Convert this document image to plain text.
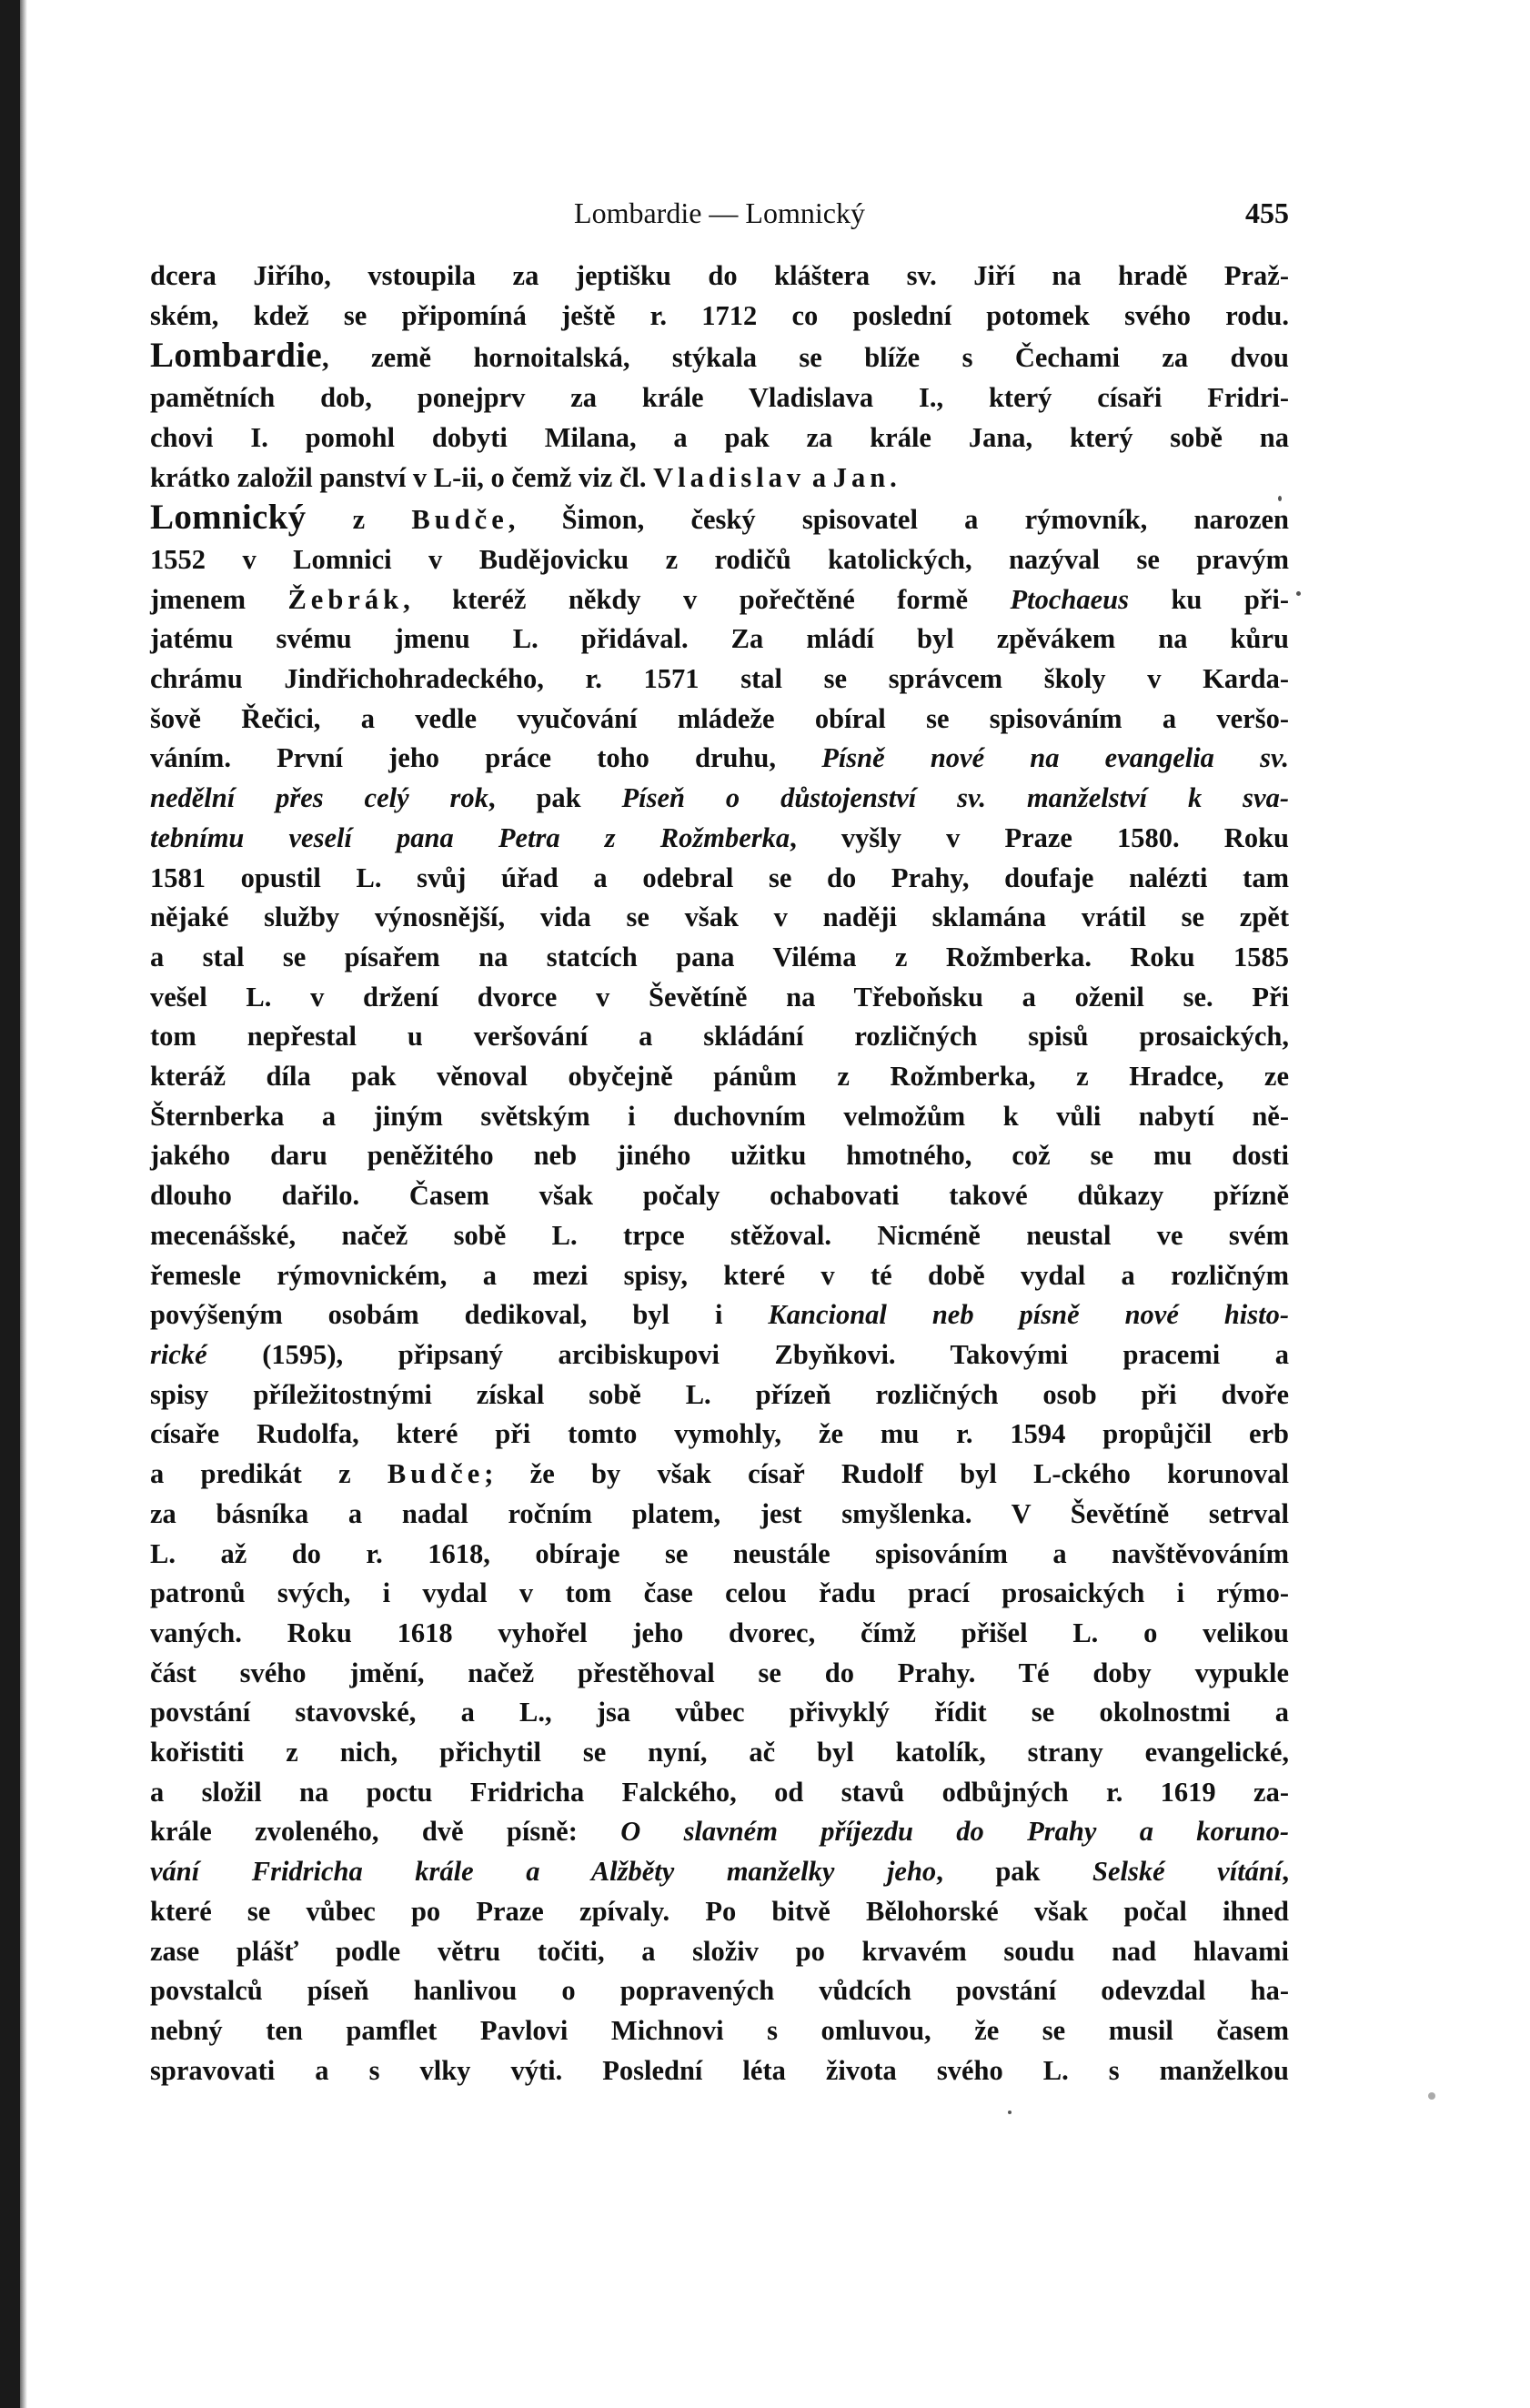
Lombardie — Lomnický	455
dcera Jiřího, vstoupila za jeptišku do kláštera sv. Jiří na hradě Praž-
ském, kdež se připomíná ještě r. 1712 co poslední potomek svého rodu.
Lombardie, země hornoitalská, stýkala se blíže s Čechami za dvou
pamětních dob, ponejprv za krále Vladislava I., který císaři Fridri-
chovi I. pomohl dobyti Milana, a pak za krále Jana, který sobě na
krátko založil panství v L-ii, o čemž viz čl. Vladislav a Jan.
Lomnický z Budče, Šimon, český spisovatel a rýmovník, narozen
1552 v Lomnici v Budějovicku z rodičů katolických, nazýval se pravým
jmenem Žebrák, kteréž někdy v pořečtěné formě Ptochaeus ku při-
jatému svému jmenu L. přidával. Za mládí byl zpěvákem na kůru
chrámu Jindřichohradeckého, r. 1571 stal se správcem školy v Karda-
šově Řečici, a vedle vyučování mládeže obíral se spisováním a veršo-
váním. První jeho práce toho druhu, Písně nové na evangelia sv.
nedělní přes celý rok, pak Píseň o důstojenství sv. manželství k sva-
tebnímu veselí pana Petra z Rožmberka, vyšly v Praze 1580. Roku
1581 opustil L. svůj úřad a odebral se do Prahy, doufaje nalézti tam
nějaké služby výnosnější, vida se však v naději sklamána vrátil se zpět
a stal se písařem na statcích pana Viléma z Rožmberka. Roku 1585
vešel L. v držení dvorce v Ševětíně na Třeboňsku a oženil se. Při
tom nepřestal u veršování a skládání rozličných spisů prosaických,
kteráž díla pak věnoval obyčejně pánům z Rožmberka, z Hradce, ze
Šternberka a jiným světským i duchovním velmožům k vůli nabytí ně-
jakého daru peněžitého neb jiného užitku hmotného, což se mu dosti
dlouho dařilo. Časem však počaly ochabovati takové důkazy přízně
mecenášské, načež sobě L. trpce stěžoval. Nicméně neustal ve svém
řemesle rýmovnickém, a mezi spisy, které v té době vydal a rozličným
povýšeným osobám dedikoval, byl i Kancional neb písně nové histo-
rické (1595), připsaný arcibiskupovi Zbyňkovi. Takovými pracemi a
spisy příležitostnými získal sobě L. přízeň rozličných osob při dvoře
císaře Rudolfa, které při tomto vymohly, že mu r. 1594 propůjčil erb
a predikát z Budče; že by však císař Rudolf byl L-ckého korunoval
za básníka a nadal ročním platem, jest smyšlenka. V Ševětíně setrval
L. až do r. 1618, obíraje se neustále spisováním a navštěvováním
patronů svých, i vydal v tom čase celou řadu prací prosaických i rýmo-
vaných. Roku 1618 vyhořel jeho dvorec, čímž přišel L. o velikou
část svého jmění, načež přestěhoval se do Prahy. Té doby vypukle
povstání stavovské, a L., jsa vůbec přivyklý řídit se okolnostmi a
kořistiti z nich, přichytil se nyní, ač byl katolík, strany evangelické,
a složil na poctu Fridricha Falckého, od stavů odbůjných r. 1619 za-
krále zvoleného, dvě písně: O slavném příjezdu do Prahy a koruno-
vání Fridricha krále a Alžběty manželky jeho, pak Selské vítání,
které se vůbec po Praze zpívaly. Po bitvě Bělohorské však počal ihned
zase plášť podle větru točiti, a složiv po krvavém soudu nad hlavami
povstalců píseň hanlivou o popravených vůdcích povstání odevzdal ha-
nebný ten pamflet Pavlovi Michnovi s omluvou, že se musil časem
spravovati a s vlky výti. Poslední léta života svého L. s manželkou
